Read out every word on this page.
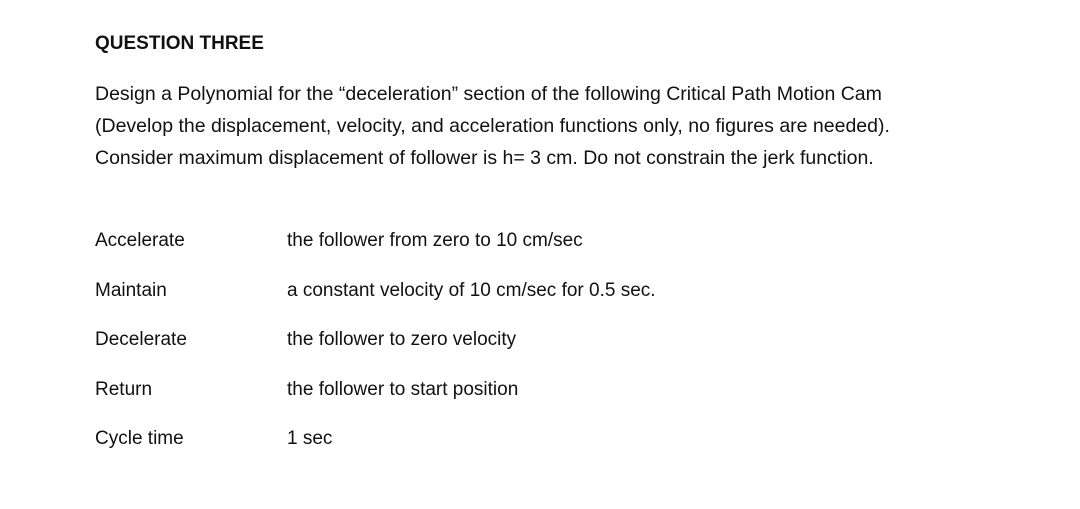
QUESTION THREE
Design a Polynomial for the “deceleration” section of the following Critical Path Motion Cam
(Develop the displacement, velocity, and acceleration functions only, no figures are needed).
Consider maximum displacement of follower is h= 3 cm. Do not constrain the jerk function.
Accelerate	the follower from zero to 10 cm/sec
Maintain	a constant velocity of 10 cm/sec for 0.5 sec.
Decelerate	the follower to zero velocity
Return	the follower to start position
Cycle time	1 sec
